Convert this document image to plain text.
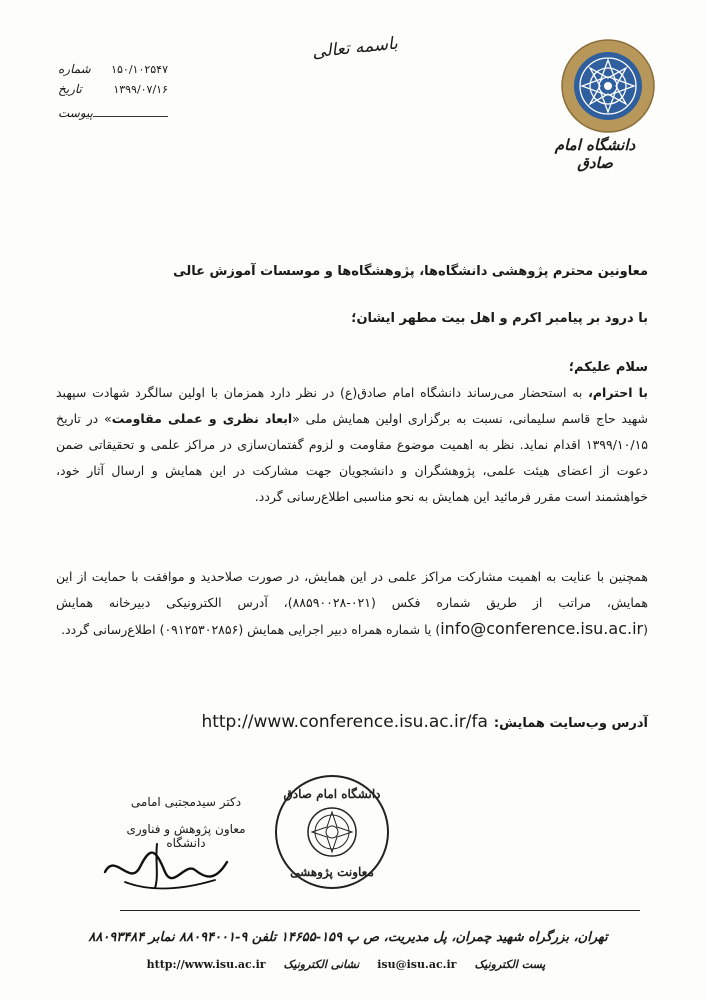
باسمه تعالی
۱۵۰/۱۰۲۵۴۷
شماره
۱۳۹۹/۰۷/۱۶
تاریخ
پیوست
دانشگاه امام صادق
معاونین محترم پژوهشی دانشگاه‌ها، پژوهشگاه‌ها و موسسات آموزش عالی
با درود بر پیامبر اکرم و اهل بیت مطهر ایشان؛
سلام علیکم؛
با احترام، به استحضار می‌رساند دانشگاه امام صادق(ع) در نظر دارد همزمان با اولین سالگرد شهادت سپهبد شهید حاج قاسم سلیمانی، نسبت به برگزاری اولین همایش ملی «ابعاد نظری و عملی مقاومت» در تاریخ ۱۳۹۹/۱۰/۱۵ اقدام نماید. نظر به اهمیت موضوع مقاومت و لزوم گفتمان‌سازی در مراکز علمی و تحقیقاتی ضمن دعوت از اعضای هیئت علمی، پژوهشگران و دانشجویان جهت مشارکت در این همایش و ارسال آثار خود، خواهشمند است مقرر فرمائید این همایش به نحو مناسبی اطلاع‌رسانی گردد.
همچنین با عنایت به اهمیت مشارکت مراکز علمی در این همایش، در صورت صلاحدید و موافقت با حمایت از این همایش، مراتب از طریق شماره فکس (۰۲۱-۸۸۵۹۰۰۲۸)، آدرس الکترونیکی دبیرخانه همایش (info@conference.isu.ac.ir) یا شماره همراه دبیر اجرایی همایش (۰۹۱۲۵۳۰۲۸۵۶) اطلاع‌رسانی گردد.
آدرس وب‌سایت همایش:
http://www.conference.isu.ac.ir/fa
دکتر سیدمجتبی امامی
معاون پژوهش و فناوری دانشگاه
دانشگاه امام صادق
معاونت پژوهشی
تهران، بزرگراه شهید چمران، پل مدیریت، ص پ ۱۵۹-۱۴۶۵۵ تلفن ۹-۸۸۰۹۴۰۰۱ نمابر ۸۸۰۹۳۴۸۴
پست الکترونیک
isu@isu.ac.ir
نشانی الکترونیک
http://www.isu.ac.ir
